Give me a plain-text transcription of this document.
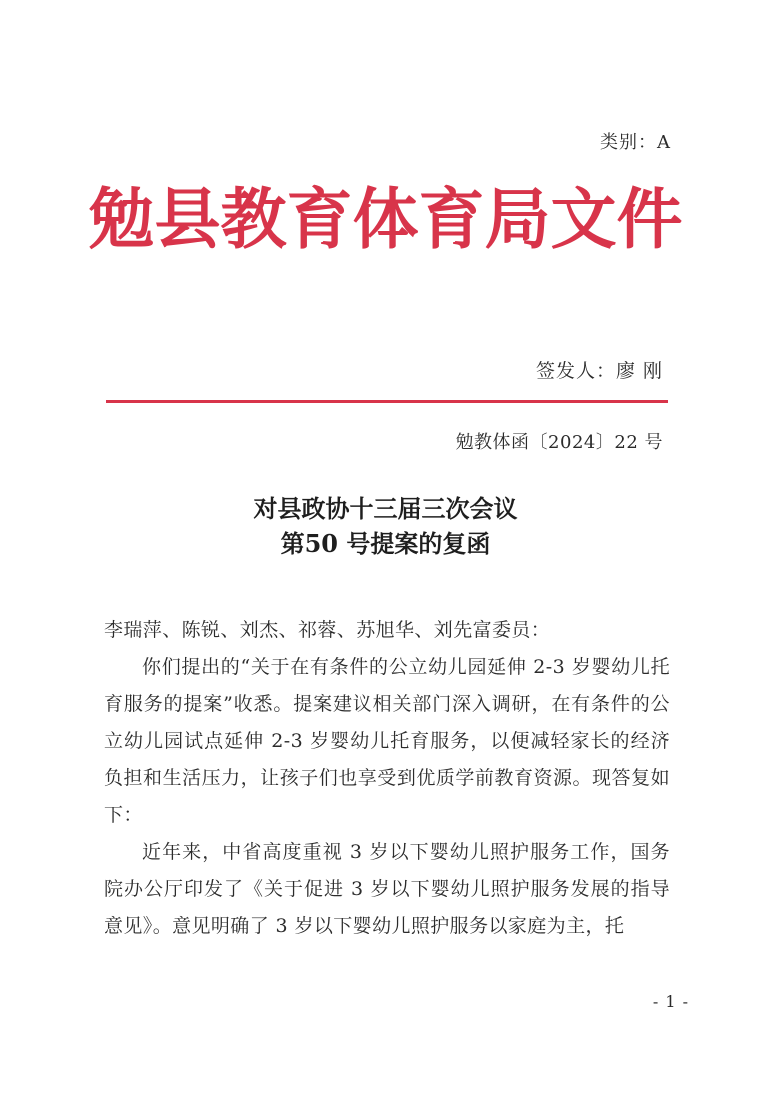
类别：A
勉县教育体育局文件
签发人：廖 刚
勉教体函〔2024〕22 号
对县政协十三届三次会议
第50 号提案的复函
李瑞萍、陈锐、刘杰、祁蓉、苏旭华、刘先富委员：

你们提出的“关于在有条件的公立幼儿园延伸 2-3 岁婴幼儿托育服务的提案”收悉。提案建议相关部门深入调研，在有条件的公立幼儿园试点延伸 2-3 岁婴幼儿托育服务，以便减轻家长的经济负担和生活压力，让孩子们也享受到优质学前教育资源。现答复如下：

近年来，中省高度重视 3 岁以下婴幼儿照护服务工作，国务院办公厅印发了《关于促进 3 岁以下婴幼儿照护服务发展的指导意见》。意见明确了 3 岁以下婴幼儿照护服务以家庭为主，托

- 1 -
